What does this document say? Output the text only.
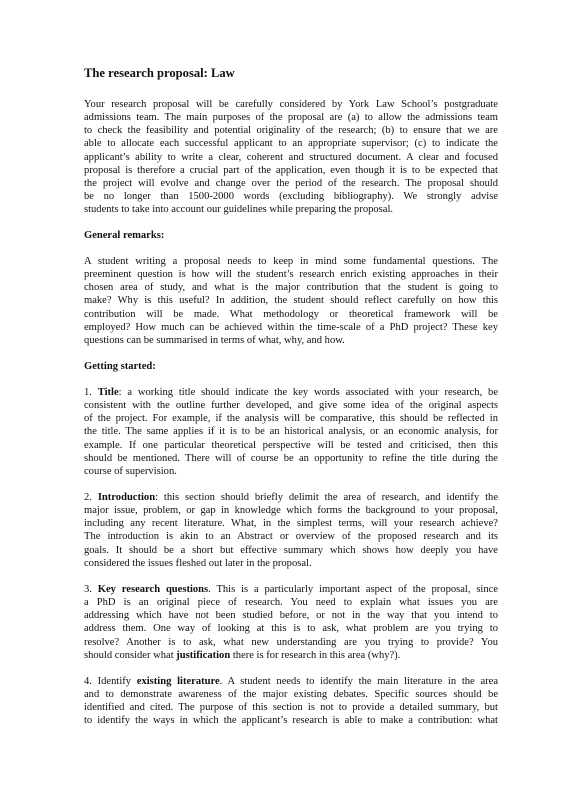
The research proposal: Law
Your research proposal will be carefully considered by York Law School’s postgraduate
admissions team. The main purposes of the proposal are (a) to allow the admissions team
to check the feasibility and potential originality of the research; (b) to ensure that we are
able to allocate each successful applicant to an appropriate supervisor; (c) to indicate the
applicant’s ability to write a clear, coherent and structured document. A clear and focused
proposal is therefore a crucial part of the application, even though it is to be expected that
the project will evolve and change over the period of the research. The proposal should
be no longer than 1500-2000 words (excluding bibliography). We strongly advise
students to take into account our guidelines while preparing the proposal.
General remarks:
A student writing a proposal needs to keep in mind some fundamental questions. The
preeminent question is how will the student’s research enrich existing approaches in their
chosen area of study, and what is the major contribution that the student is going to
make? Why is this useful? In addition, the student should reflect carefully on how this
contribution will be made. What methodology or theoretical framework will be
employed? How much can be achieved within the time-scale of a PhD project? These key
questions can be summarised in terms of what, why, and how.
Getting started:
1. Title: a working title should indicate the key words associated with your research, be
consistent with the outline further developed, and give some idea of the original aspects
of the project. For example, if the analysis will be comparative, this should be reflected in
the title. The same applies if it is to be an historical analysis, or an economic analysis, for
example. If one particular theoretical perspective will be tested and criticised, then this
should be mentioned. There will of course be an opportunity to refine the title during the
course of supervision.
2. Introduction: this section should briefly delimit the area of research, and identify the
major issue, problem, or gap in knowledge which forms the background to your proposal,
including any recent literature. What, in the simplest terms, will your research achieve?
The introduction is akin to an Abstract or overview of the proposed research and its
goals. It should be a short but effective summary which shows how deeply you have
considered the issues fleshed out later in the proposal.
3. Key research questions. This is a particularly important aspect of the proposal, since
a PhD is an original piece of research. You need to explain what issues you are
addressing which have not been studied before, or not in the way that you intend to
address them. One way of looking at this is to ask, what problem are you trying to
resolve? Another is to ask, what new understanding are you trying to provide? You
should consider what justification there is for research in this area (why?).
4. Identify existing literature. A student needs to identify the main literature in the area
and to demonstrate awareness of the major existing debates. Specific sources should be
identified and cited. The purpose of this section is not to provide a detailed summary, but
to identify the ways in which the applicant’s research is able to make a contribution: what
